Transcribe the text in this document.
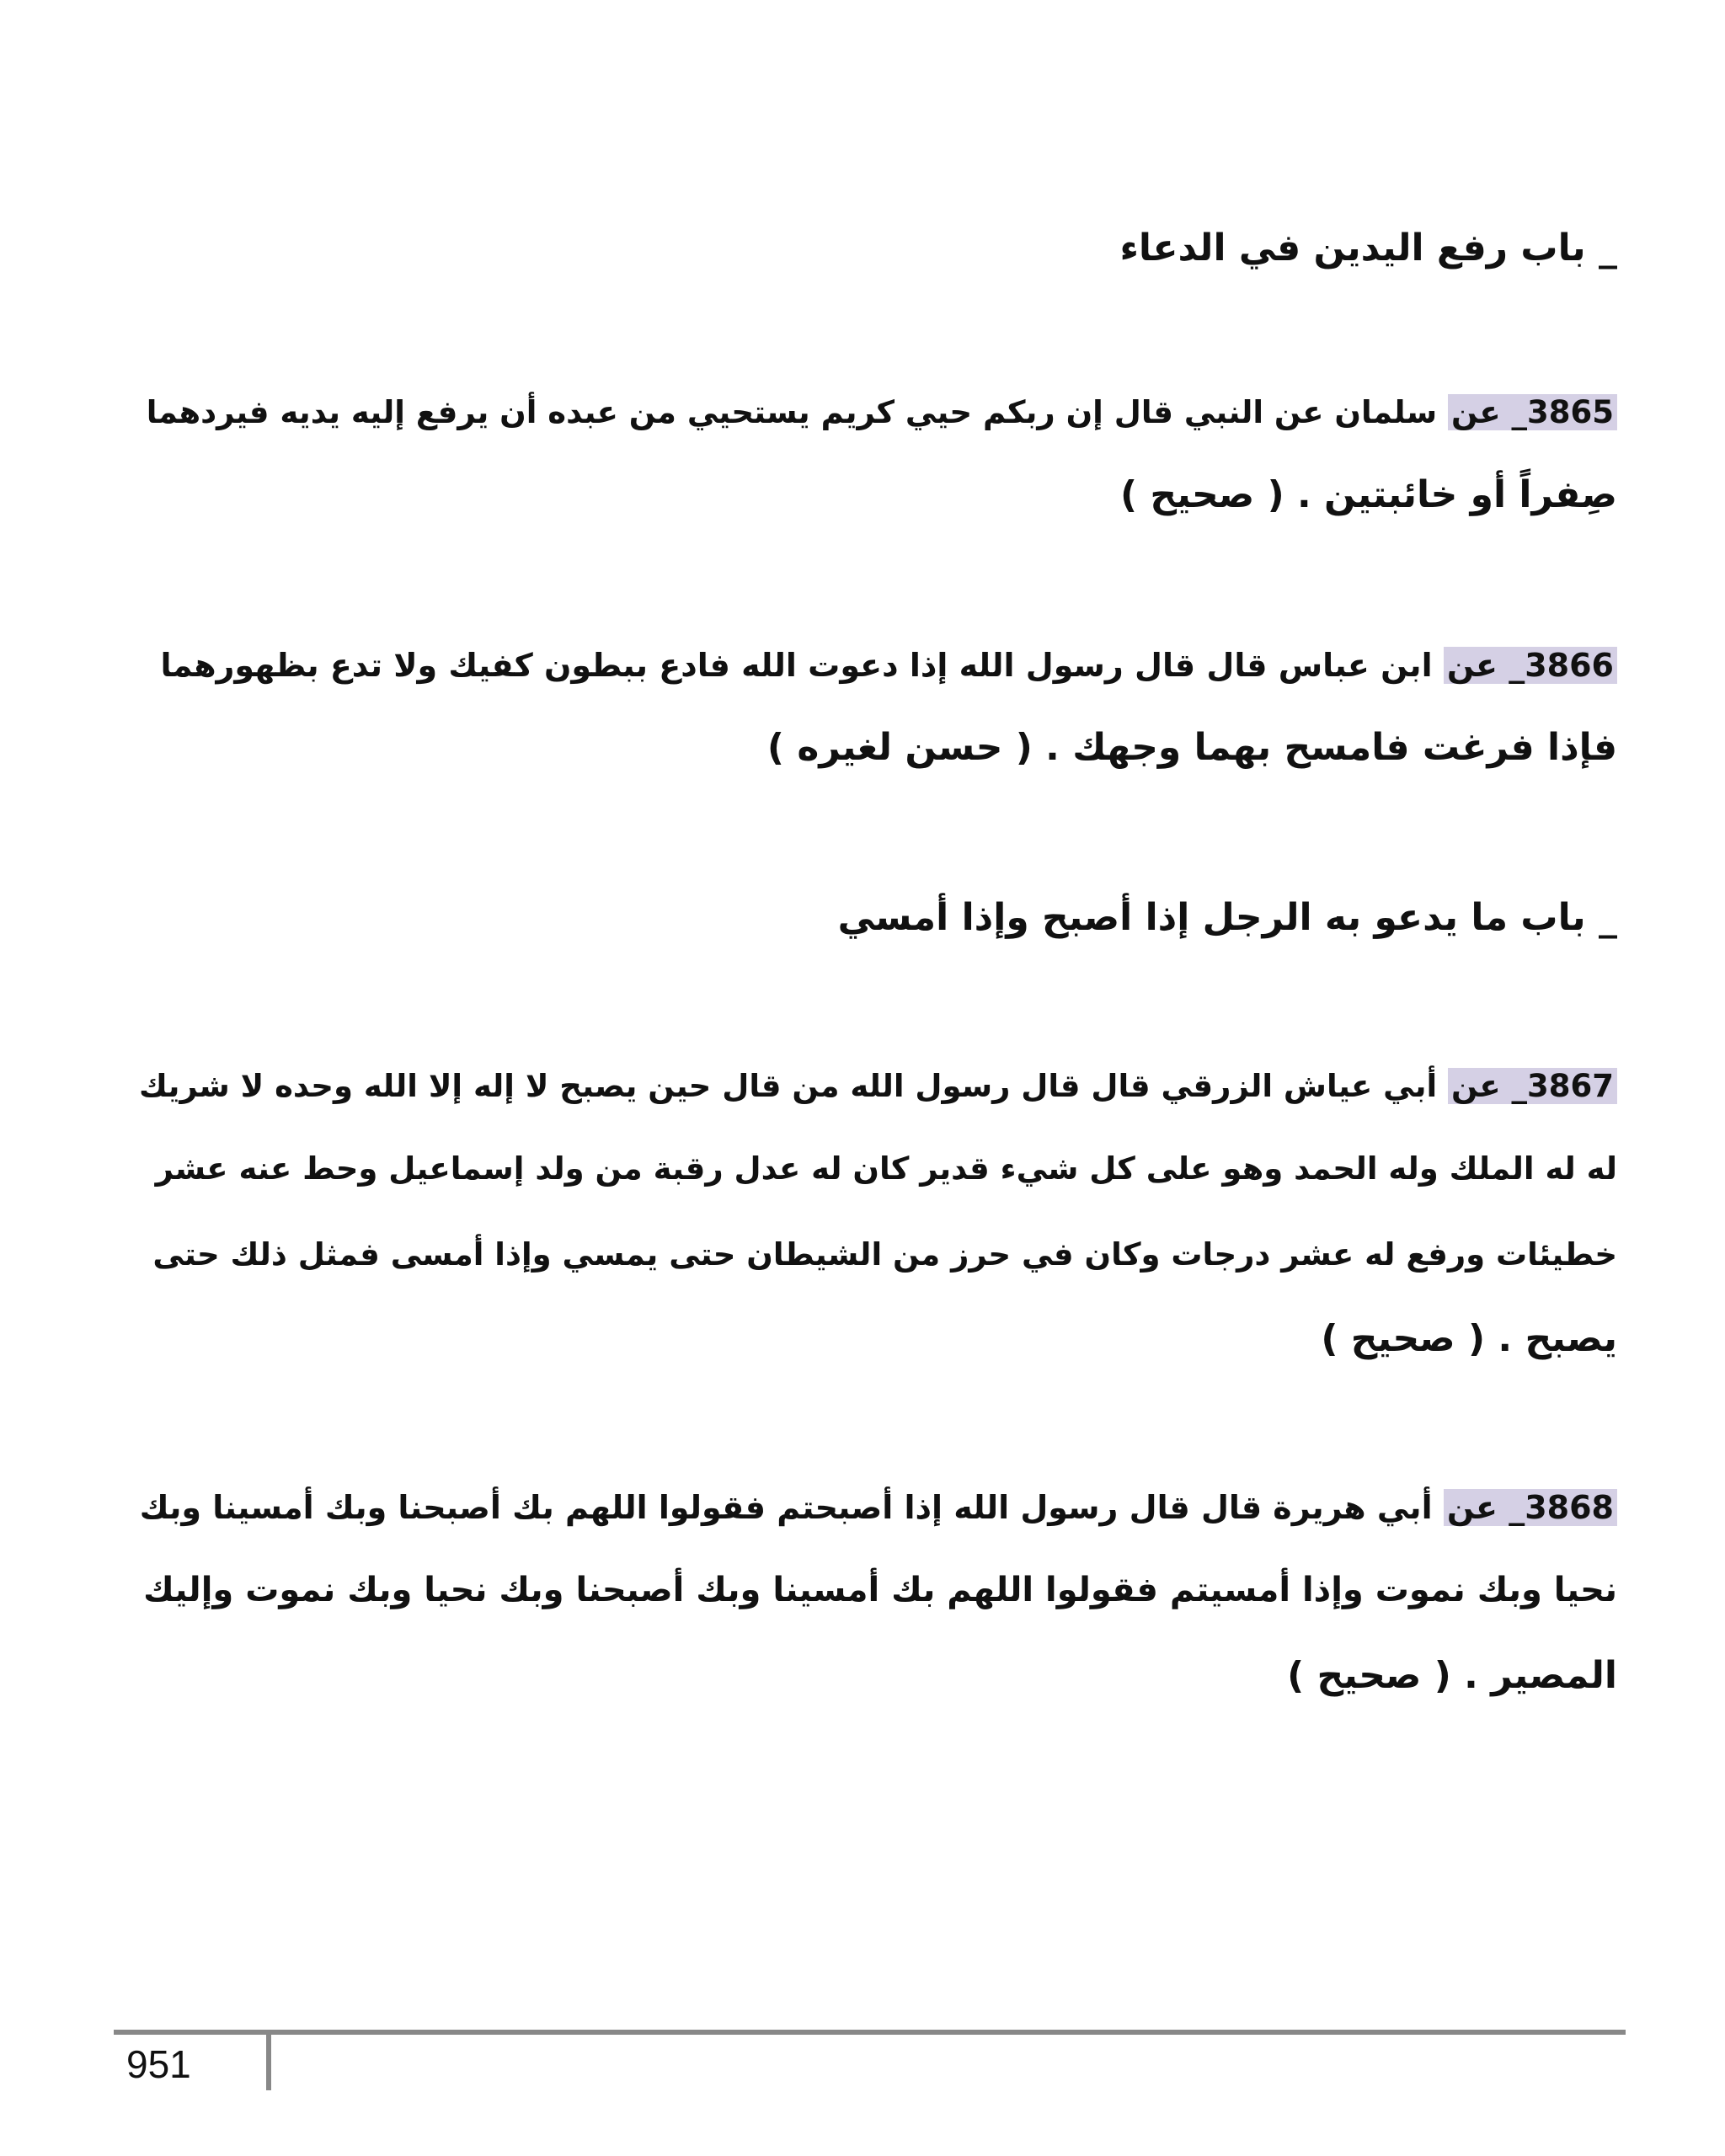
_ باب رفع اليدين في الدعاء
3865_ عن سلمان عن النبي قال إن ربكم حيي كريم يستحيي من عبده أن يرفع إليه يديه فيردهما
صِفراً أو خائبتين . ( صحيح )
3866_ عن ابن عباس قال قال رسول الله إذا دعوت الله فادع ببطون كفيك ولا تدع بظهورهما
فإذا فرغت فامسح بهما وجهك . ( حسن لغيره )
_ باب ما يدعو به الرجل إذا أصبح وإذا أمسي
3867_ عن أبي عياش الزرقي قال قال رسول الله من قال حين يصبح لا إله إلا الله وحده لا شريك
له له الملك وله الحمد وهو على كل شيء قدير كان له عدل رقبة من ولد إسماعيل وحط عنه عشر
خطيئات ورفع له عشر درجات وكان في حرز من الشيطان حتى يمسي وإذا أمسى فمثل ذلك حتى
يصبح . ( صحيح )
3868_ عن أبي هريرة قال قال رسول الله إذا أصبحتم فقولوا اللهم بك أصبحنا وبك أمسينا وبك
نحيا وبك نموت وإذا أمسيتم فقولوا اللهم بك أمسينا وبك أصبحنا وبك نحيا وبك نموت وإليك
المصير . ( صحيح )
951
